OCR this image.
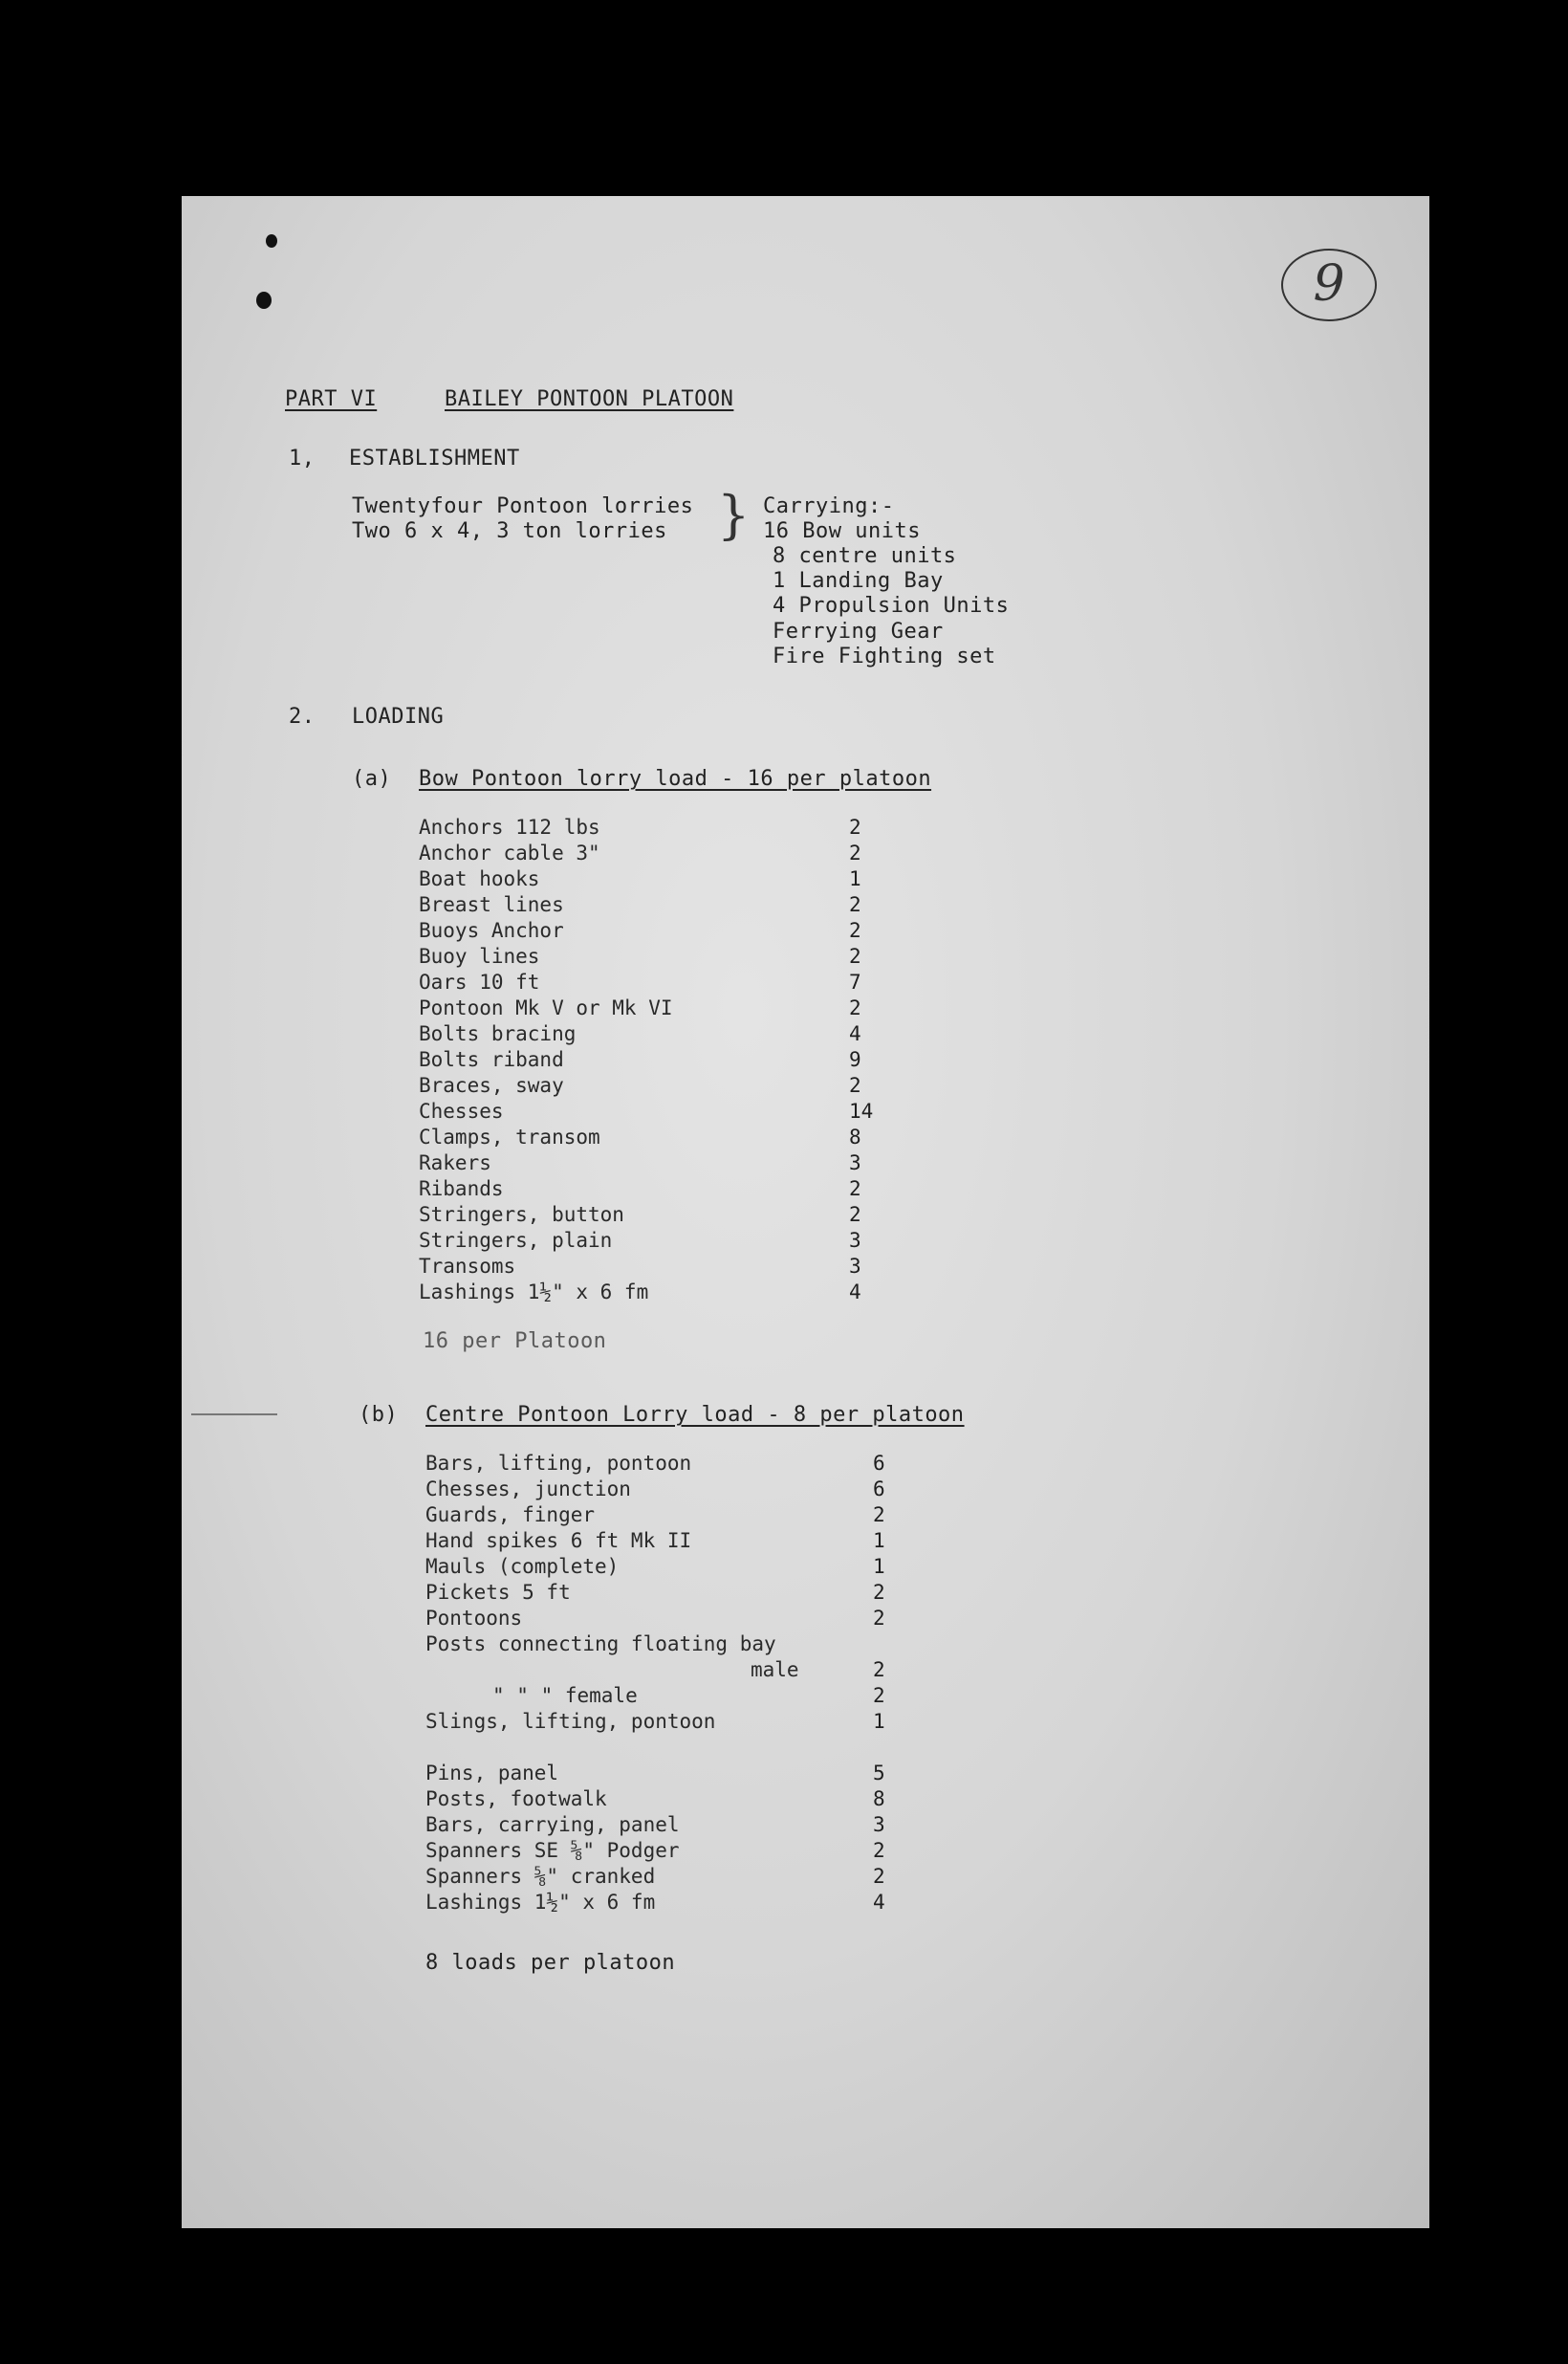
9
PART VI	BAILEY PONTOON PLATOON
1, ESTABLISHMENT
Twentyfour Pontoon lorries
Two 6 x 4, 3 ton lorries } Carrying:-
16 Bow units
8 centre units
1 Landing Bay
4 Propulsion Units
Ferrying Gear
Fire Fighting set
2. LOADING
(a) Bow Pontoon lorry load - 16 per platoon
Anchors 112 lbs	2
Anchor cable 3"	2
Boat hooks	1
Breast lines	2
Buoys Anchor	2
Buoy lines	2
Oars 10 ft	7
Pontoon Mk V or Mk VI	2
Bolts bracing	4
Bolts riband	9
Braces, sway	2
Chesses	14
Clamps, transom	8
Rakers	3
Ribands	2
Stringers, button	2
Stringers, plain	3
Transoms	3
Lashings 1½" x 6 fm	4
16 per Platoon
(b) Centre Pontoon Lorry load - 8 per platoon
Bars, lifting, pontoon	6
Chesses, junction	6
Guards, finger	2
Hand spikes 6 ft Mk II	1
Mauls (complete)	1
Pickets 5 ft	2
Pontoons	2
Posts connecting floating bay
male	2
" " " female	2
Slings, lifting, pontoon	1
Pins, panel	5
Posts, footwalk	8
Bars, carrying, panel	3
Spanners SE ⅝" Podger	2
Spanners ⅝" cranked	2
Lashings 1½" x 6 fm	4
8 loads per platoon
